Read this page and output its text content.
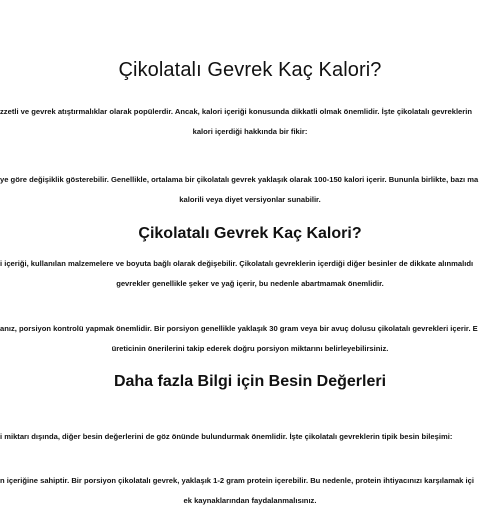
Çikolatalı Gevrek Kaç Kalori?
zzetli ve gevrek atıştırmalıklar olarak popülerdir. Ancak, kalori içeriği konusunda dikkatli olmak önemlidir. İşte çikolatalı gevreklerin
kalori içerdiği hakkında bir fikir:
ye göre değişiklik gösterebilir. Genellikle, ortalama bir çikolatalı gevrek yaklaşık olarak 100-150 kalori içerir. Bununla birlikte, bazı ma
kalorili veya diyet versiyonlar sunabilir.
Çikolatalı Gevrek Kaç Kalori?
i içeriği, kullanılan malzemelere ve boyuta bağlı olarak değişebilir. Çikolatalı gevreklerin içerdiği diğer besinler de dikkate alınmalıdı
gevrekler genellikle şeker ve yağ içerir, bu nedenle abartmamak önemlidir.
anız, porsiyon kontrolü yapmak önemlidir. Bir porsiyon genellikle yaklaşık 30 gram veya bir avuç dolusu çikolatalı gevrekleri içerir. E
üreticinin önerilerini takip ederek doğru porsiyon miktarını belirleyebilirsiniz.
Daha fazla Bilgi için Besin Değerleri
i miktarı dışında, diğer besin değerlerini de göz önünde bulundurmak önemlidir. İşte çikolatalı gevreklerin tipik besin bileşimi:
n içeriğine sahiptir. Bir porsiyon çikolatalı gevrek, yaklaşık 1-2 gram protein içerebilir. Bu nedenle, protein ihtiyacınızı karşılamak içi
ek kaynaklarından faydalanmalısınız.
